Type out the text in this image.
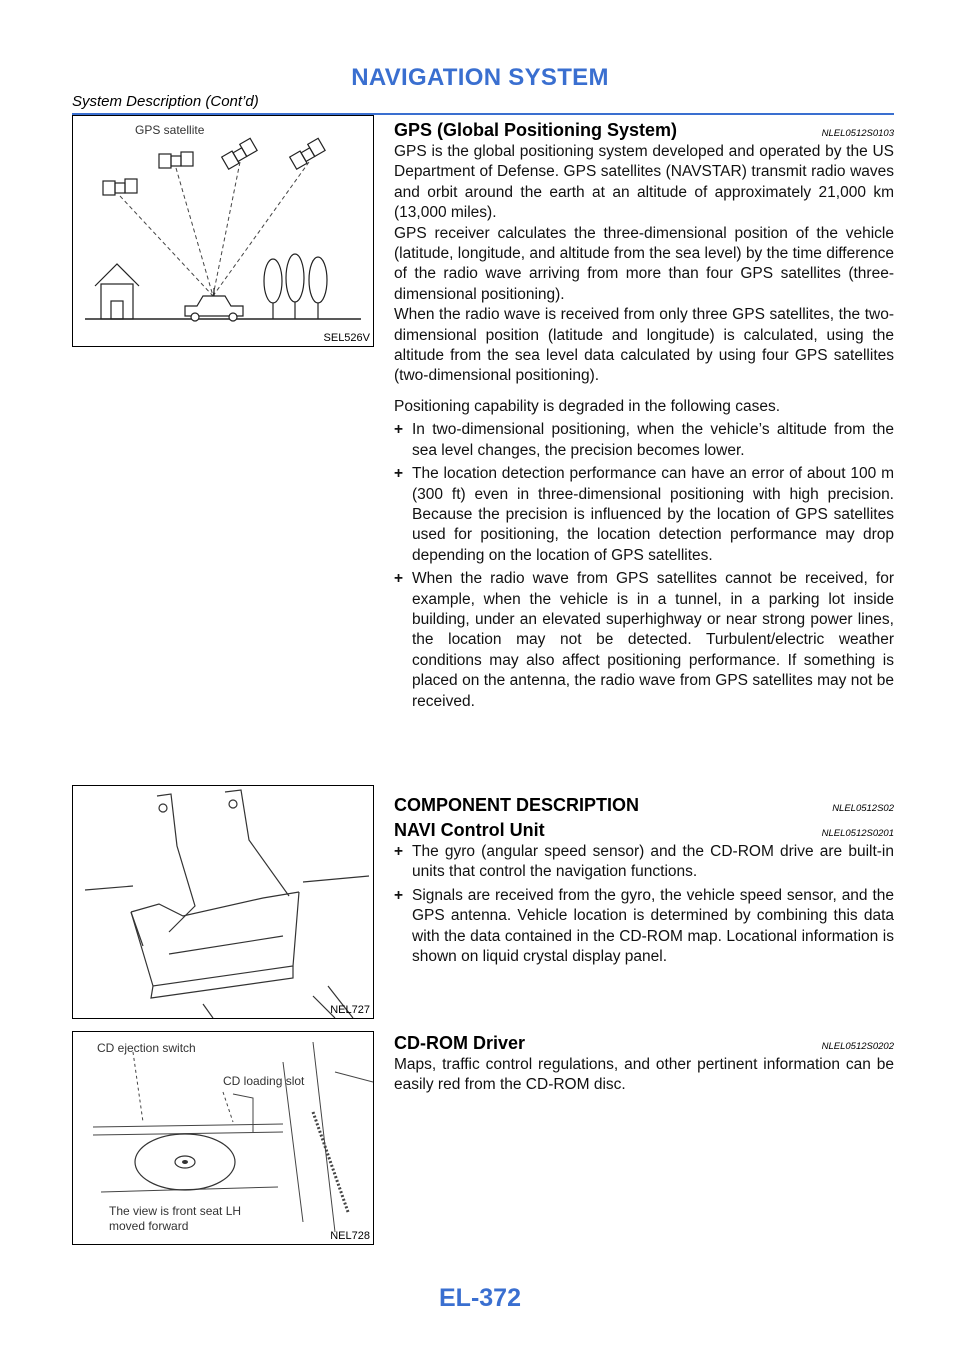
NAVIGATION SYSTEM
System Description (Cont’d)
GPS satellite
SEL526V
NEL727
CD ejection switch
CD loading slot
The view is front seat LH
moved forward
NEL728
GPS (Global Positioning System)	NLEL0512S0103

GPS is the global positioning system developed and operated by the US Department of Defense. GPS satellites (NAVSTAR) transmit radio waves and orbit around the earth at an altitude of approximately 21,000 km (13,000 miles).

GPS receiver calculates the three-dimensional position of the vehicle (latitude, longitude, and altitude from the sea level) by the time difference of the radio wave arriving from more than four GPS satellites (three-dimensional positioning).

When the radio wave is received from only three GPS satellites, the two-dimensional position (latitude and longitude) is calculated, using the altitude from the sea level data calculated by using four GPS satellites (two-dimensional positioning).

Positioning capability is degraded in the following cases.

+ In two-dimensional positioning, when the vehicle’s altitude from the sea level changes, the precision becomes lower.
+ The location detection performance can have an error of about 100 m (300 ft) even in three-dimensional positioning with high precision. Because the precision is influenced by the location of GPS satellites used for positioning, the location detection performance may drop depending on the location of GPS satellites.
+ When the radio wave from GPS satellites cannot be received, for example, when the vehicle is in a tunnel, in a parking lot inside building, under an elevated superhighway or near strong power lines, the location may not be detected. Turbulent/electric weather conditions may also affect positioning performance. If something is placed on the antenna, the radio wave from GPS satellites may not be received.
COMPONENT DESCRIPTION	NLEL0512S02
NAVI Control Unit	NLEL0512S0201
+ The gyro (angular speed sensor) and the CD-ROM drive are built-in units that control the navigation functions.
+ Signals are received from the gyro, the vehicle speed sensor, and the GPS antenna. Vehicle location is determined by combining this data with the data contained in the CD-ROM map. Locational information is shown on liquid crystal display panel.
CD-ROM Driver	NLEL0512S0202

Maps, traffic control regulations, and other pertinent information can be easily red from the CD-ROM disc.

EL-372
